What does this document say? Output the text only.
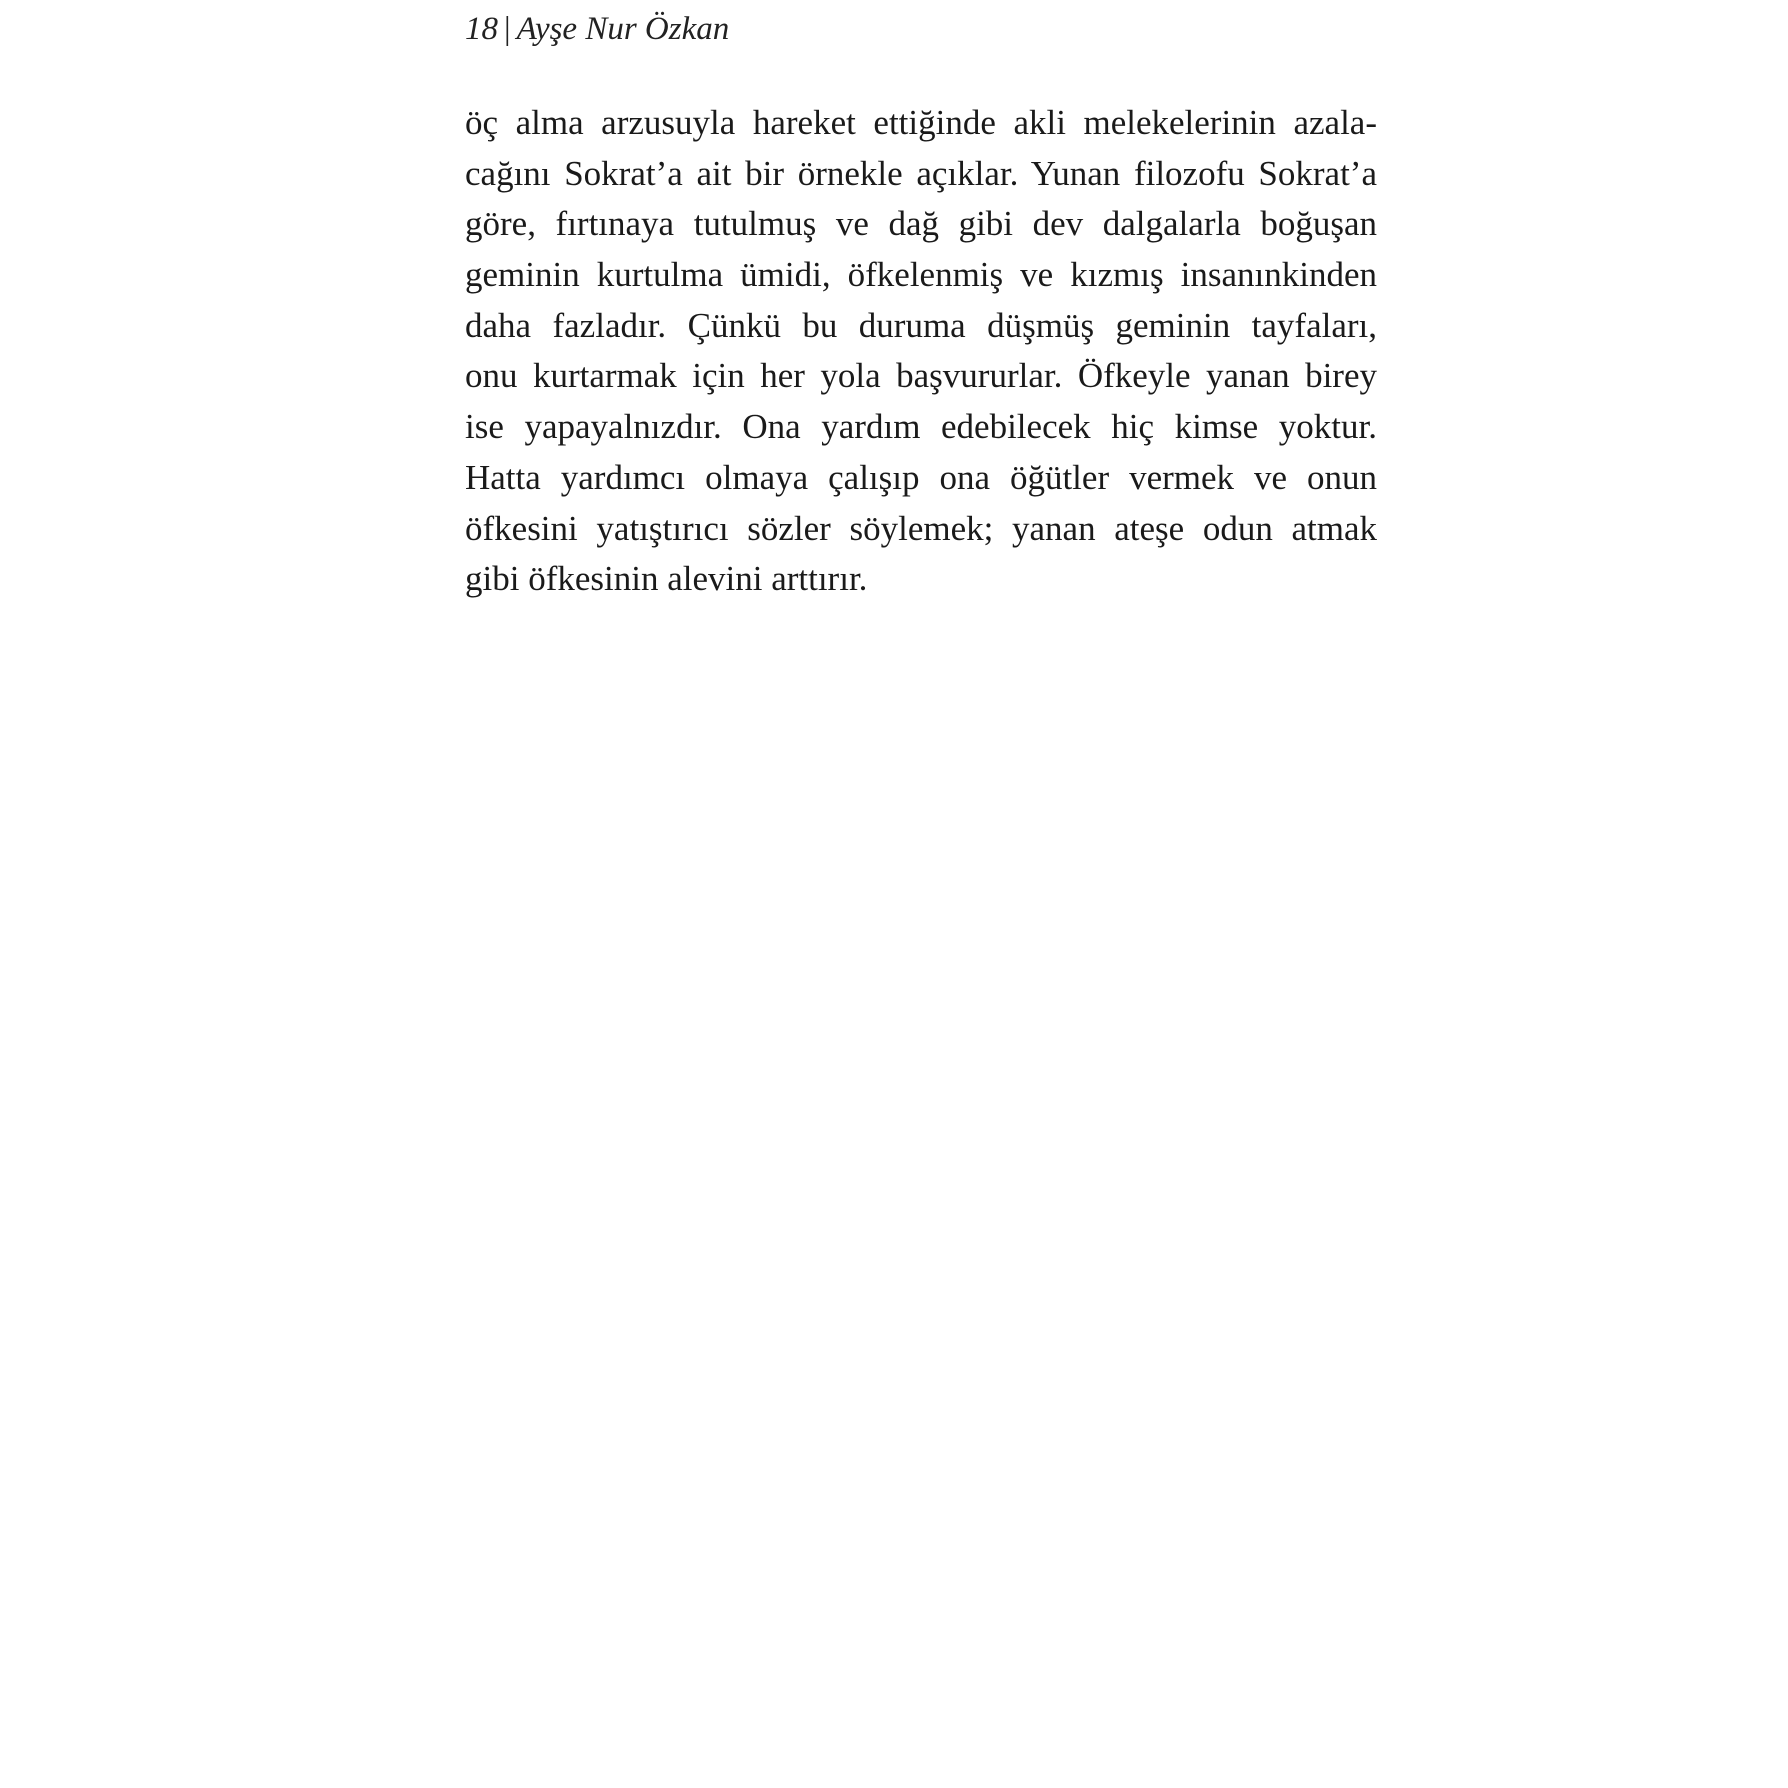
18 | Ayşe Nur Özkan
öç alma arzusuyla hareket ettiğinde akli melekelerinin azala-
cağını Sokrat’a ait bir örnekle açıklar. Yunan filozofu Sokrat’a
göre, fırtınaya tutulmuş ve dağ gibi dev dalgalarla boğuşan
geminin kurtulma ümidi, öfkelenmiş ve kızmış insanınkinden
daha fazladır. Çünkü bu duruma düşmüş geminin tayfaları,
onu kurtarmak için her yola başvururlar. Öfkeyle yanan birey
ise yapayalnızdır. Ona yardım edebilecek hiç kimse yoktur.
Hatta yardımcı olmaya çalışıp ona öğütler vermek ve onun
öfkesini yatıştırıcı sözler söylemek; yanan ateşe odun atmak
gibi öfkesinin alevini arttırır.
